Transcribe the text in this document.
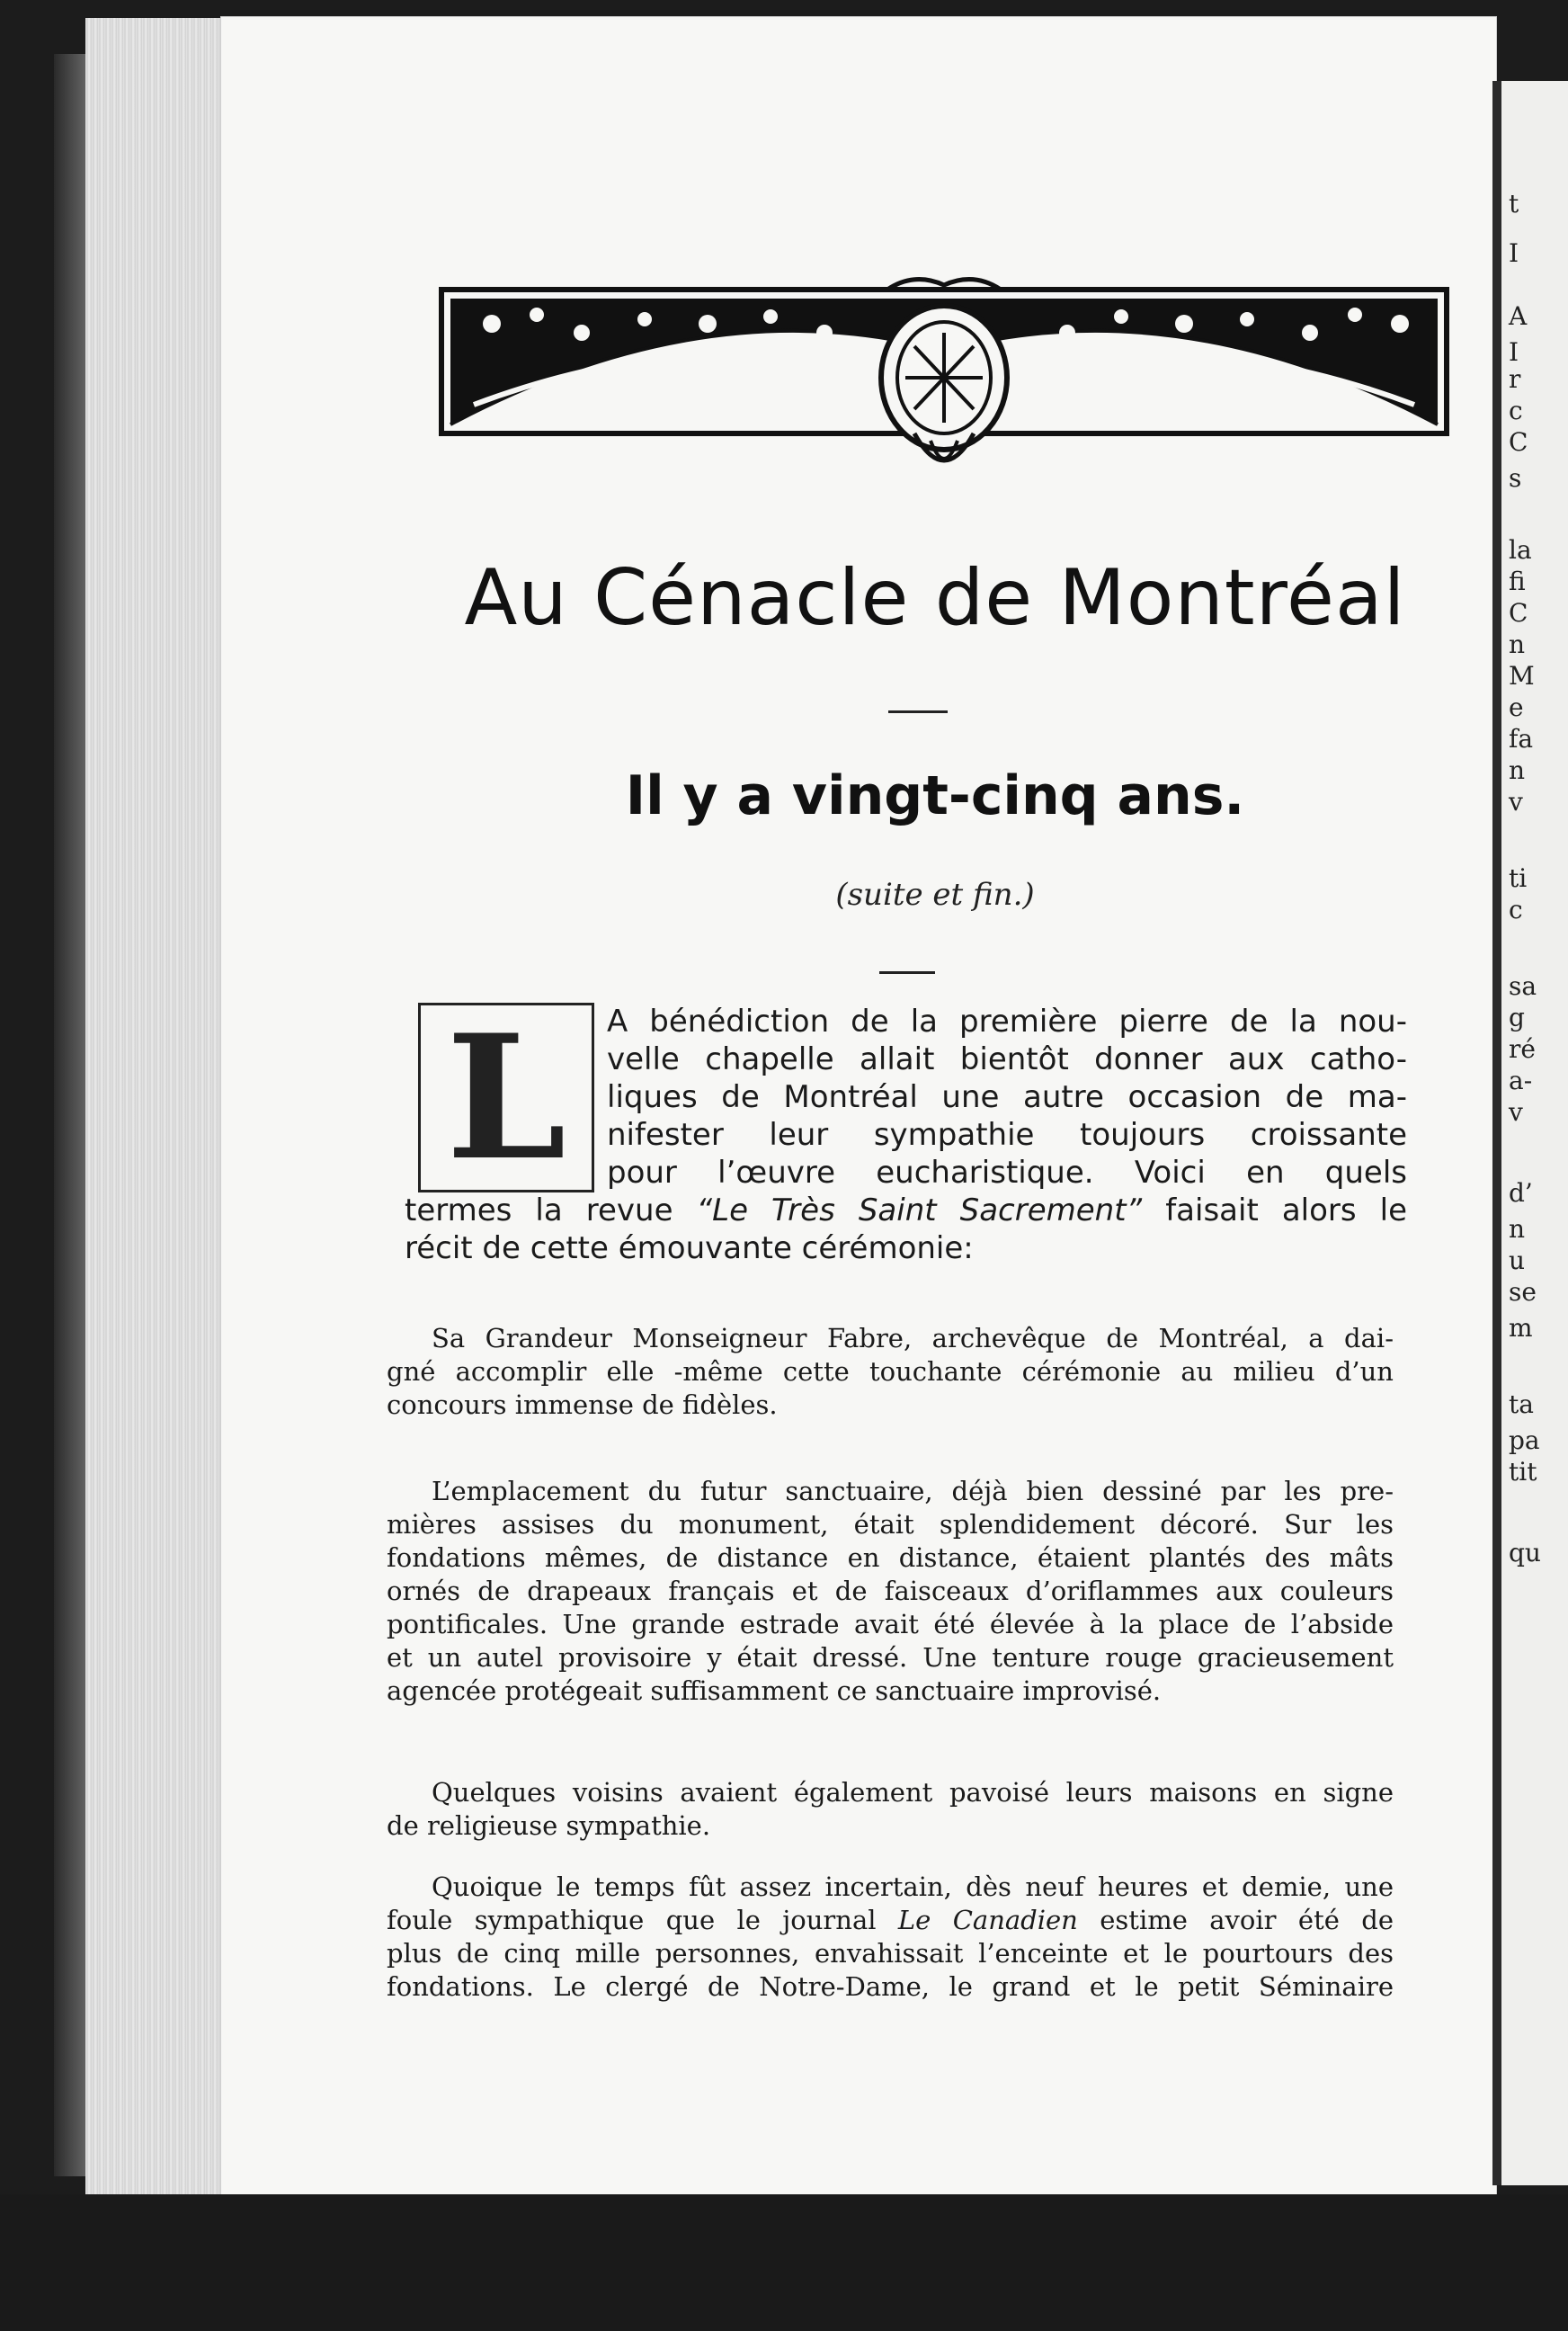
Au Cénacle de Montréal
Il y a vingt-cinq ans.
(suite et fin.)
L	A bénédiction de la première pierre de la nou-
velle chapelle allait bientôt donner aux catho-
liques de Montréal une autre occasion de ma-
nifester leur sympathie toujours croissante
pour l’œuvre eucharistique. Voici en quels
termes la revue “Le Très Saint Sacrement” faisait alors le
récit de cette émouvante cérémonie:
Sa Grandeur Monseigneur Fabre, archevêque de Montréal, a dai-
gné accomplir elle -même cette touchante cérémonie au milieu d’un
concours immense de fidèles.
L’emplacement du futur sanctuaire, déjà bien dessiné par les pre-
mières assises du monument, était splendidement décoré. Sur les
fondations mêmes, de distance en distance, étaient plantés des mâts
ornés de drapeaux français et de faisceaux d’oriflammes aux couleurs
pontificales. Une grande estrade avait été élevée à la place de l’abside
et un autel provisoire y était dressé. Une tenture rouge gracieusement
agencée protégeait suffisamment ce sanctuaire improvisé.
Quelques voisins avaient également pavoisé leurs maisons en signe
de religieuse sympathie.
Quoique le temps fût assez incertain, dès neuf heures et demie, une
foule sympathique que le journal Le Canadien estime avoir été de
plus de cinq mille personnes, envahissait l’enceinte et le pourtours des
fondations. Le clergé de Notre-Dame, le grand et le petit Séminaire
t
I
A
I
r
c
C
s
la
fi
C
n
M
e
fa
n
v
ti
c
sa
g
ré
a-
v
d’
n
u
se
m
ta
pa
tit
qu
